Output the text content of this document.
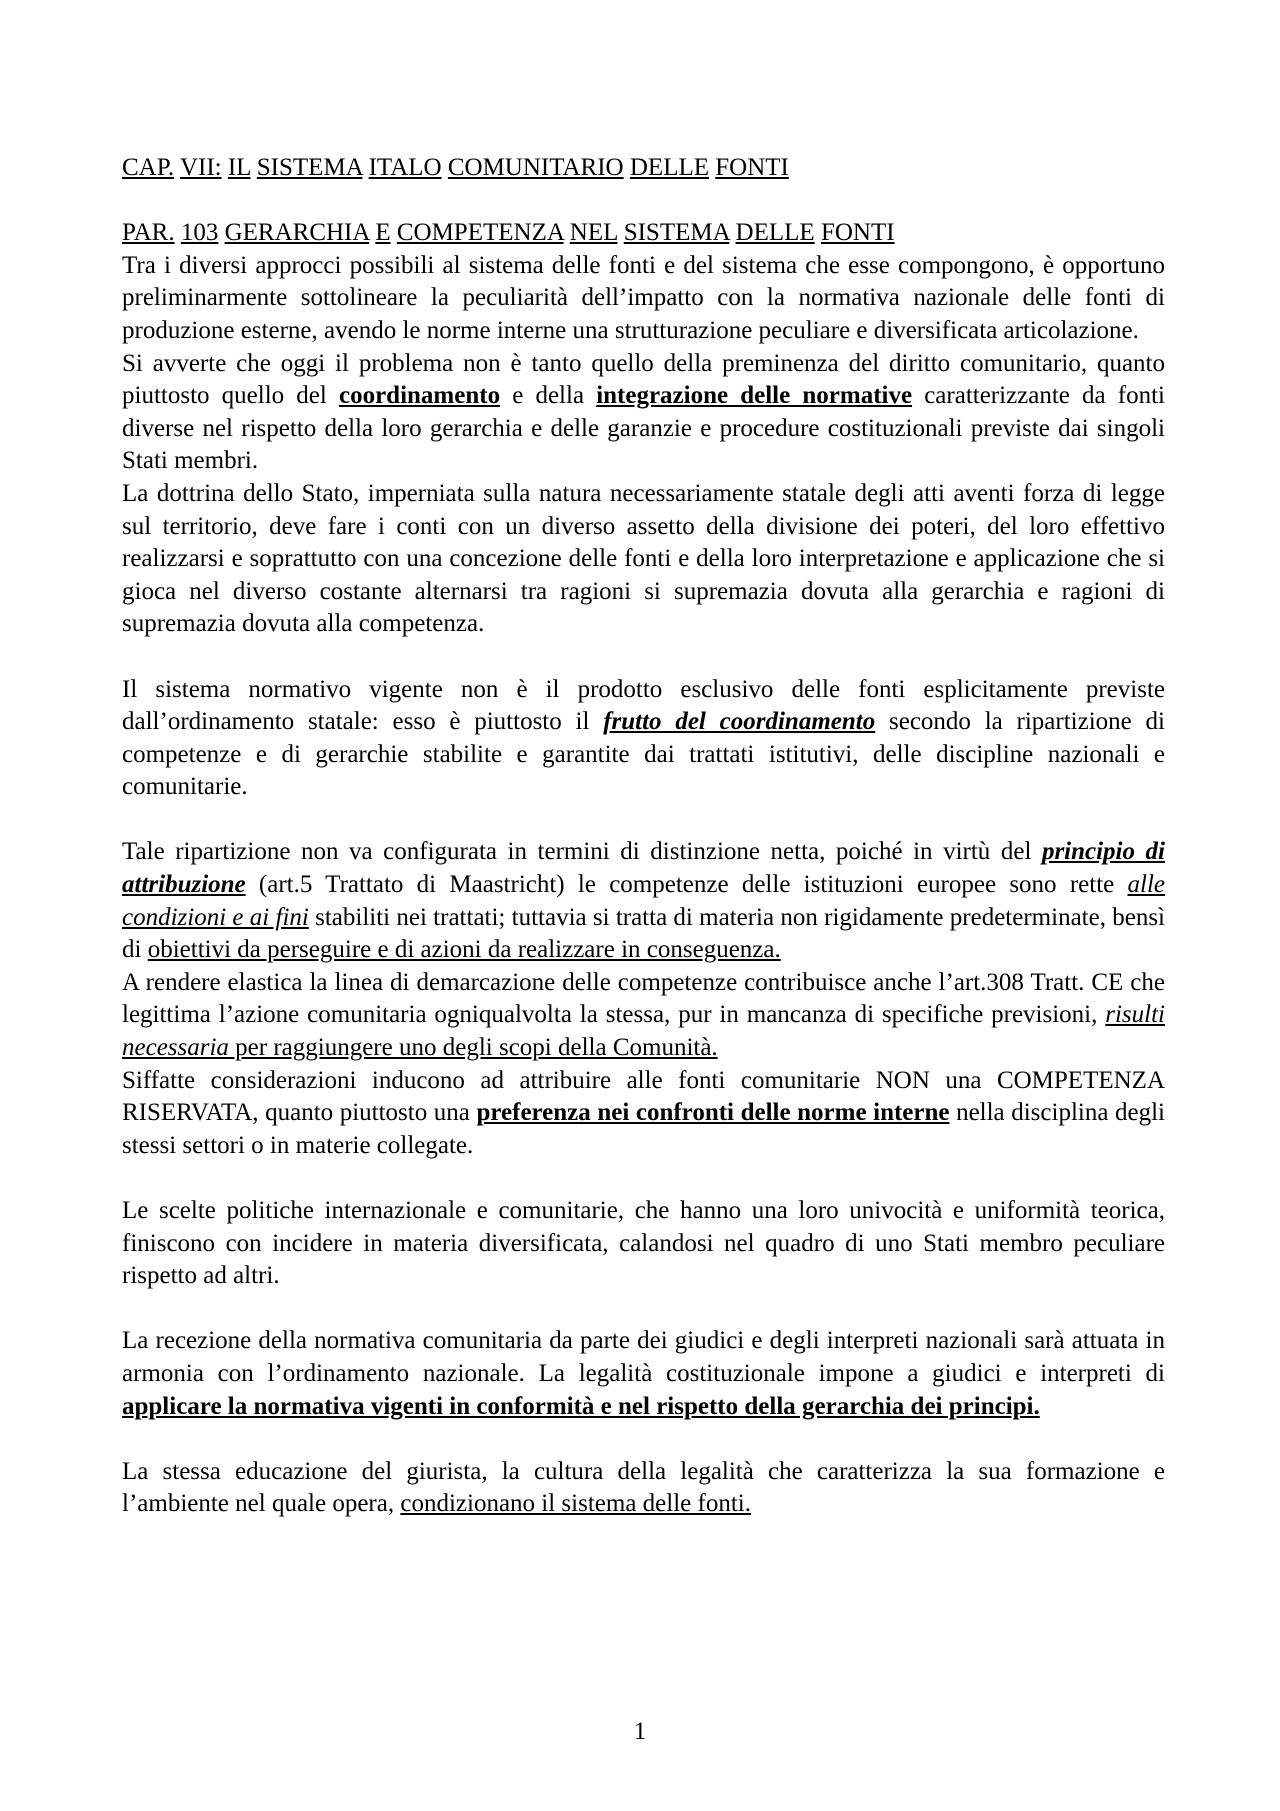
CAP. VII: IL SISTEMA ITALO COMUNITARIO DELLE FONTI
PAR. 103 GERARCHIA E COMPETENZA NEL SISTEMA DELLE FONTI

Tra i diversi approcci possibili al sistema delle fonti e del sistema che esse compongono, è opportuno preliminarmente sottolineare la peculiarità dell’impatto con la normativa nazionale delle fonti di produzione esterne, avendo le norme interne una strutturazione peculiare e diversificata articolazione.

Si avverte che oggi il problema non è tanto quello della preminenza del diritto comunitario, quanto piuttosto quello del coordinamento e della integrazione delle normative caratterizzante da fonti diverse nel rispetto della loro gerarchia e delle garanzie e procedure costituzionali previste dai singoli Stati membri.

La dottrina dello Stato, imperniata sulla natura necessariamente statale degli atti aventi forza di legge sul territorio, deve fare i conti con un diverso assetto della divisione dei poteri, del loro effettivo realizzarsi e soprattutto con una concezione delle fonti e della loro interpretazione e applicazione che si gioca nel diverso costante alternarsi tra ragioni si supremazia dovuta alla gerarchia e ragioni di supremazia dovuta alla competenza.

Il sistema normativo vigente non è il prodotto esclusivo delle fonti esplicitamente previste dall’ordinamento statale: esso è piuttosto il frutto del coordinamento secondo la ripartizione di competenze e di gerarchie stabilite e garantite dai trattati istitutivi, delle discipline nazionali e comunitarie.

Tale ripartizione non va configurata in termini di distinzione netta, poiché in virtù del principio di attribuzione (art.5 Trattato di Maastricht) le competenze delle istituzioni europee sono rette alle condizioni e ai fini stabiliti nei trattati; tuttavia si tratta di materia non rigidamente predeterminate, bensì di obiettivi da perseguire e di azioni da realizzare in conseguenza.

A rendere elastica la linea di demarcazione delle competenze contribuisce anche l’art.308 Tratt. CE che legittima l’azione comunitaria ogniqualvolta la stessa, pur in mancanza di specifiche previsioni, risulti necessaria per raggiungere uno degli scopi della Comunità.

Siffatte considerazioni inducono ad attribuire alle fonti comunitarie NON una COMPETENZA RISERVATA, quanto piuttosto una preferenza nei confronti delle norme interne nella disciplina degli stessi settori o in materie collegate.

Le scelte politiche internazionale e comunitarie, che hanno una loro univocità e uniformità teorica, finiscono con incidere in materia diversificata, calandosi nel quadro di uno Stati membro peculiare rispetto ad altri.

La recezione della normativa comunitaria da parte dei giudici e degli interpreti nazionali sarà attuata in armonia con l’ordinamento nazionale. La legalità costituzionale impone a giudici e interpreti di applicare la normativa vigenti in conformità e nel rispetto della gerarchia dei principi.

La stessa educazione del giurista, la cultura della legalità che caratterizza la sua formazione e l’ambiente nel quale opera, condizionano il sistema delle fonti.

1
